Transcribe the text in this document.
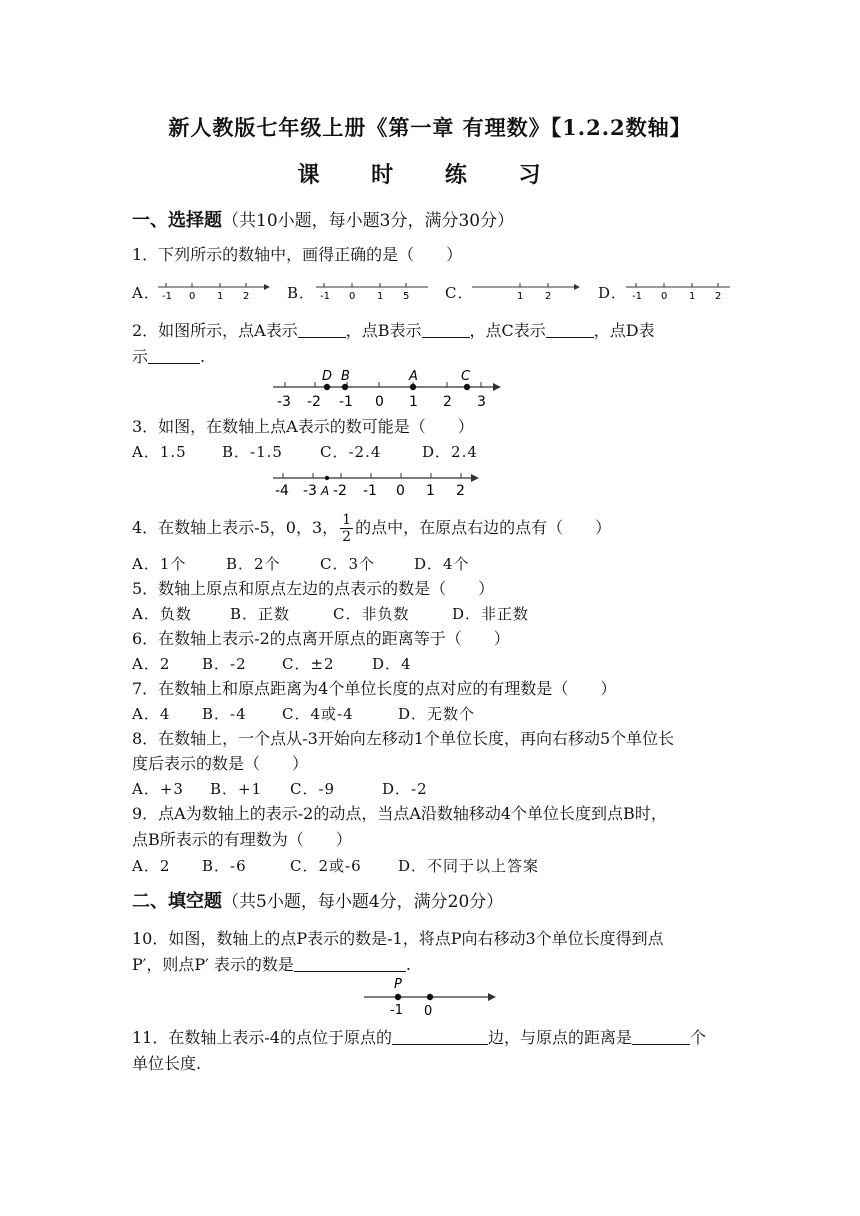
新人教版七年级上册《第一章 有理数》【1.2.2数轴】
课 时 练 习
一、选择题（共10小题，每小题3分，满分30分）
1．下列所示的数轴中，画得正确的是（　　）
A． -1 0 1 2	B． -1 0 1 5 C．	1 2	D． -1 0 1 2
2．如图所示，点A表示	，点B表示	，点C表示	，点D表
示	.
D B	A	C
-3 -2 -1 0 1 2 3
3．如图，在数轴上点A表示的数可能是（　　）
A．1.5 B．-1.5 C．-2.4	D．2.4
-4 -3 A -2 -1 0 1 2
4．在数轴上表示-5，0，3， $\frac{1}{2}$ 的点中，在原点右边的点有（　　）
A．1个	B．2个	C．3个	D．4个
5．数轴上原点和原点左边的点表示的数是（　　）
A．负数	B．正数	C．非负数	D．非正数
6．在数轴上表示-2的点离开原点的距离等于（　　）
A．2 B．-2 C．±2 D．4
7．在数轴上和原点距离为4个单位长度的点对应的有理数是（　　）
A．4 B．-4 C．4或-4	D．无数个
8．在数轴上，一个点从-3开始向左移动1个单位长度，再向右移动5个单位长
度后表示的数是（　　）
A．+3 B．+1 C．-9	D．-2
9．点A为数轴上的表示-2的动点，当点A沿数轴移动4个单位长度到点B时，
点B所表示的有理数为（　　）
A．2 B．-6	C．2或-6 D．不同于以上答案
二、填空题（共5小题，每小题4分，满分20分）
10．如图，数轴上的点P表示的数是-1，将点P向右移动3个单位长度得到点
P′，则点P′ 表示的数是	.
P
-1 0
11．在数轴上表示-4的点位于原点的	边，与原点的距离是	个
单位长度.
